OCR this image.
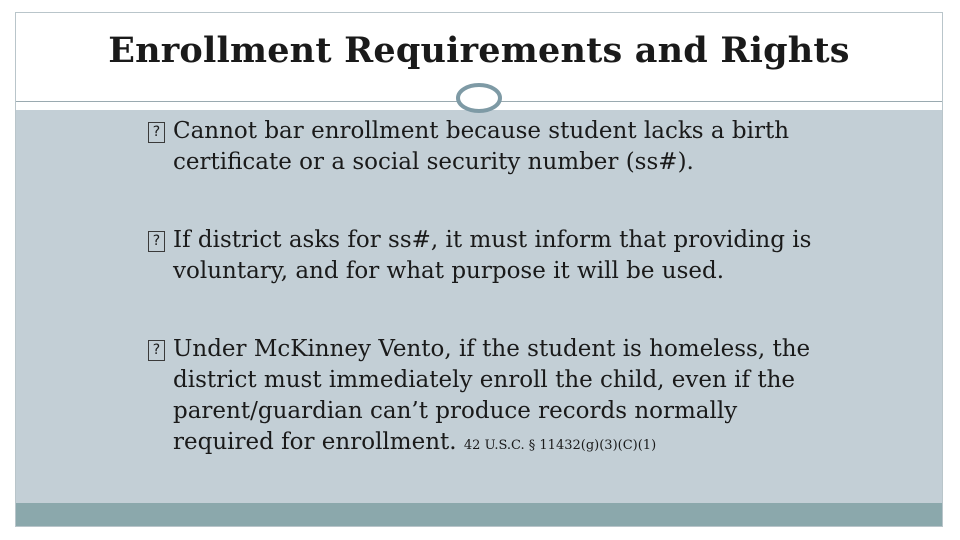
Enrollment Requirements and Rights
?
Cannot bar enrollment because student lacks a birth certificate or a social security number (ss#).
?
If district asks for ss#, it must inform that providing is voluntary, and for what purpose it will be used.
?
Under McKinney Vento, if the student is homeless, the district must immediately enroll the child, even if the parent/guardian can’t produce records normally required for enrollment. 42 U.S.C. § 11432(g)(3)(C)(1)
